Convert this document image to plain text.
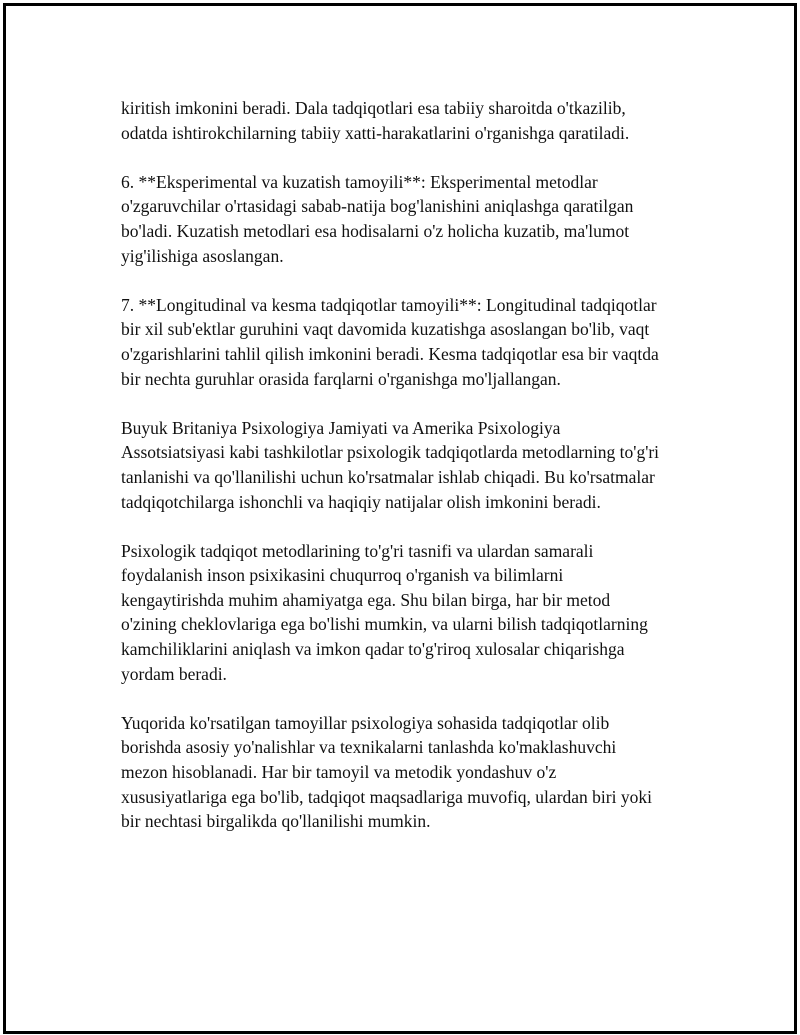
kiritish imkonini beradi. Dala tadqiqotlari esa tabiiy sharoitda o'tkazilib,
odatda ishtirokchilarning tabiiy xatti-harakatlarini o'rganishga qaratiladi.

6. **Eksperimental va kuzatish tamoyili**: Eksperimental metodlar
o'zgaruvchilar o'rtasidagi sabab-natija bog'lanishini aniqlashga qaratilgan
bo'ladi. Kuzatish metodlari esa hodisalarni o'z holicha kuzatib, ma'lumot
yig'ilishiga asoslangan.

7. **Longitudinal va kesma tadqiqotlar tamoyili**: Longitudinal tadqiqotlar
bir xil sub'ektlar guruhini vaqt davomida kuzatishga asoslangan bo'lib, vaqt
o'zgarishlarini tahlil qilish imkonini beradi. Kesma tadqiqotlar esa bir vaqtda
bir nechta guruhlar orasida farqlarni o'rganishga mo'ljallangan.

Buyuk Britaniya Psixologiya Jamiyati va Amerika Psixologiya
Assotsiatsiyasi kabi tashkilotlar psixologik tadqiqotlarda metodlarning to'g'ri
tanlanishi va qo'llanilishi uchun ko'rsatmalar ishlab chiqadi. Bu ko'rsatmalar
tadqiqotchilarga ishonchli va haqiqiy natijalar olish imkonini beradi.

Psixologik tadqiqot metodlarining to'g'ri tasnifi va ulardan samarali
foydalanish inson psixikasini chuqurroq o'rganish va bilimlarni
kengaytirishda muhim ahamiyatga ega. Shu bilan birga, har bir metod
o'zining cheklovlariga ega bo'lishi mumkin, va ularni bilish tadqiqotlarning
kamchiliklarini aniqlash va imkon qadar to'g'riroq xulosalar chiqarishga
yordam beradi.

Yuqorida ko'rsatilgan tamoyillar psixologiya sohasida tadqiqotlar olib
borishda asosiy yo'nalishlar va texnikalarni tanlashda ko'maklashuvchi
mezon hisoblanadi. Har bir tamoyil va metodik yondashuv o'z
xususiyatlariga ega bo'lib, tadqiqot maqsadlariga muvofiq, ulardan biri yoki
bir nechtasi birgalikda qo'llanilishi mumkin.
